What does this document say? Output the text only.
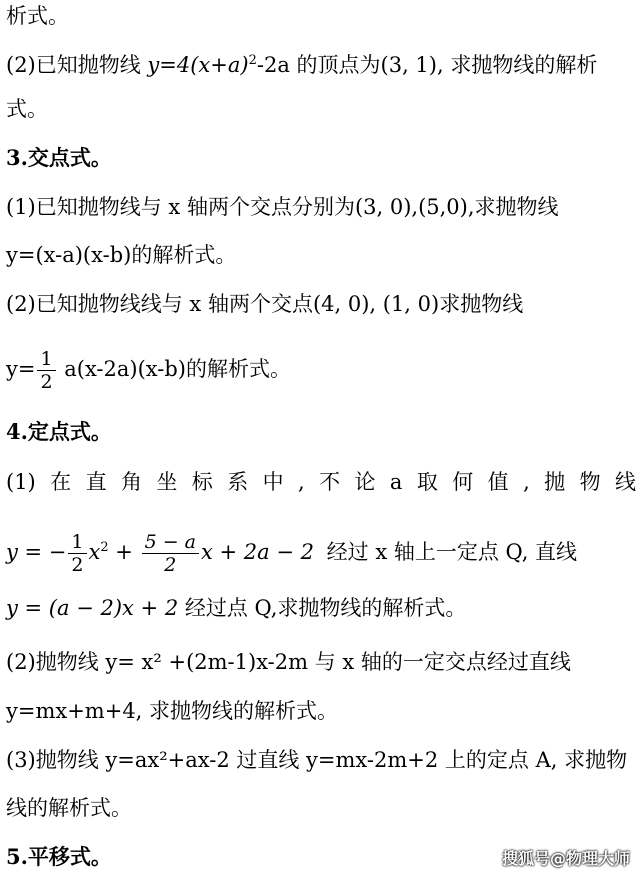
析式。
(2)已知抛物线 $y=4(x+a)^2-2a$ 的顶点为(3, 1), 求抛物线的解析
式。
3.交点式。
(1)已知抛物线与 x 轴两个交点分别为(3, 0),(5,0),求抛物线
y=(x-a)(x-b)的解析式。
(2)已知抛物线线与 x 轴两个交点(4, 0), (1, 0)求抛物线
$y= \frac{1}{2} a(x-2a)(x-b)$的解析式。
4.定点式。
(1) 在 直 角 坐 标 系 中 , 不 论 a 取 何 值 , 抛 物 线
y = − $\frac{1}{2} x^2 + \frac{5 - a}{2}$ x + 2a − 2 经过 x 轴上一定点 Q, 直线
y = (a − 2)x + 2 经过点 Q,求抛物线的解析式。
(2)抛物线 y= x² +(2m-1)x-2m 与 x 轴的一定交点经过直线
y=mx+m+4, 求抛物线的解析式。
(3)抛物线 y=ax²+ax-2 过直线 y=mx-2m+2 上的定点 A, 求抛物
线的解析式。
5.平移式。	搜狐号@物理大师
